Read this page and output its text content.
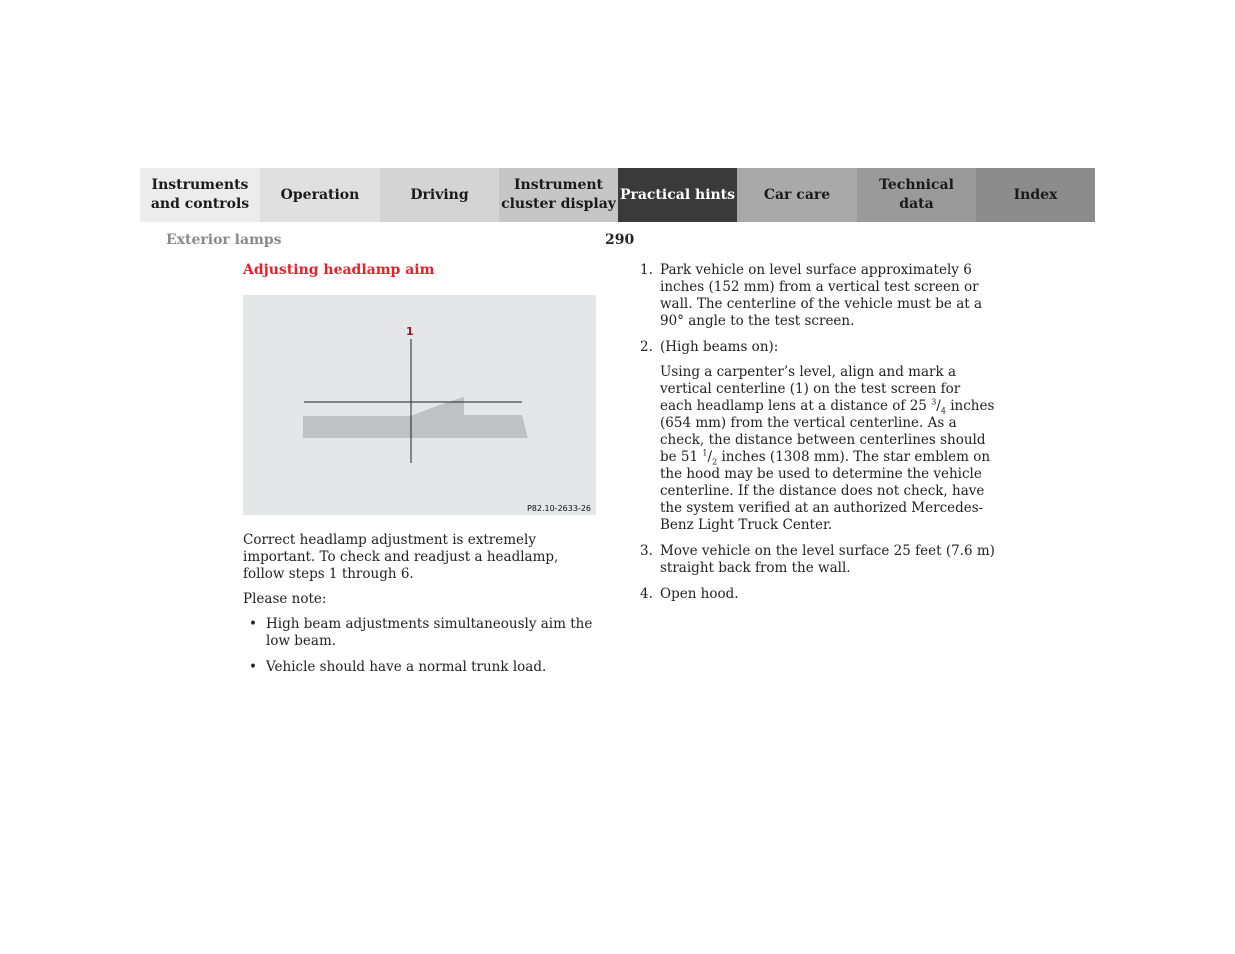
Instruments
and controls
Operation	Driving
Instrument
cluster display
Practical hints	Car care
Technical
data
Index
Exterior lamps	290
Adjusting headlamp aim
1
P82.10-2633-26

Correct headlamp adjustment is extremely important. To check and readjust a headlamp, follow steps 1 through 6.

Please note:

• High beam adjustments simultaneously aim the low beam.
• Vehicle should have a normal trunk load.
1. Park vehicle on level surface approximately 6 inches (152 mm) from a vertical test screen or wall. The centerline of the vehicle must be at a 90° angle to the test screen.

2. (High beams on):

Using a carpenter’s level, align and mark a vertical centerline (1) on the test screen for each headlamp lens at a distance of 25 $^3/_4$ inches (654 mm) from the vertical centerline. As a check, the distance between centerlines should be 51 $^1/_2$ inches (1308 mm). The star emblem on the hood may be used to determine the vehicle centerline. If the distance does not check, have the system verified at an authorized Mercedes-Benz Light Truck Center.

3. Move vehicle on the level surface 25 feet (7.6 m) straight back from the wall.

4. Open hood.
